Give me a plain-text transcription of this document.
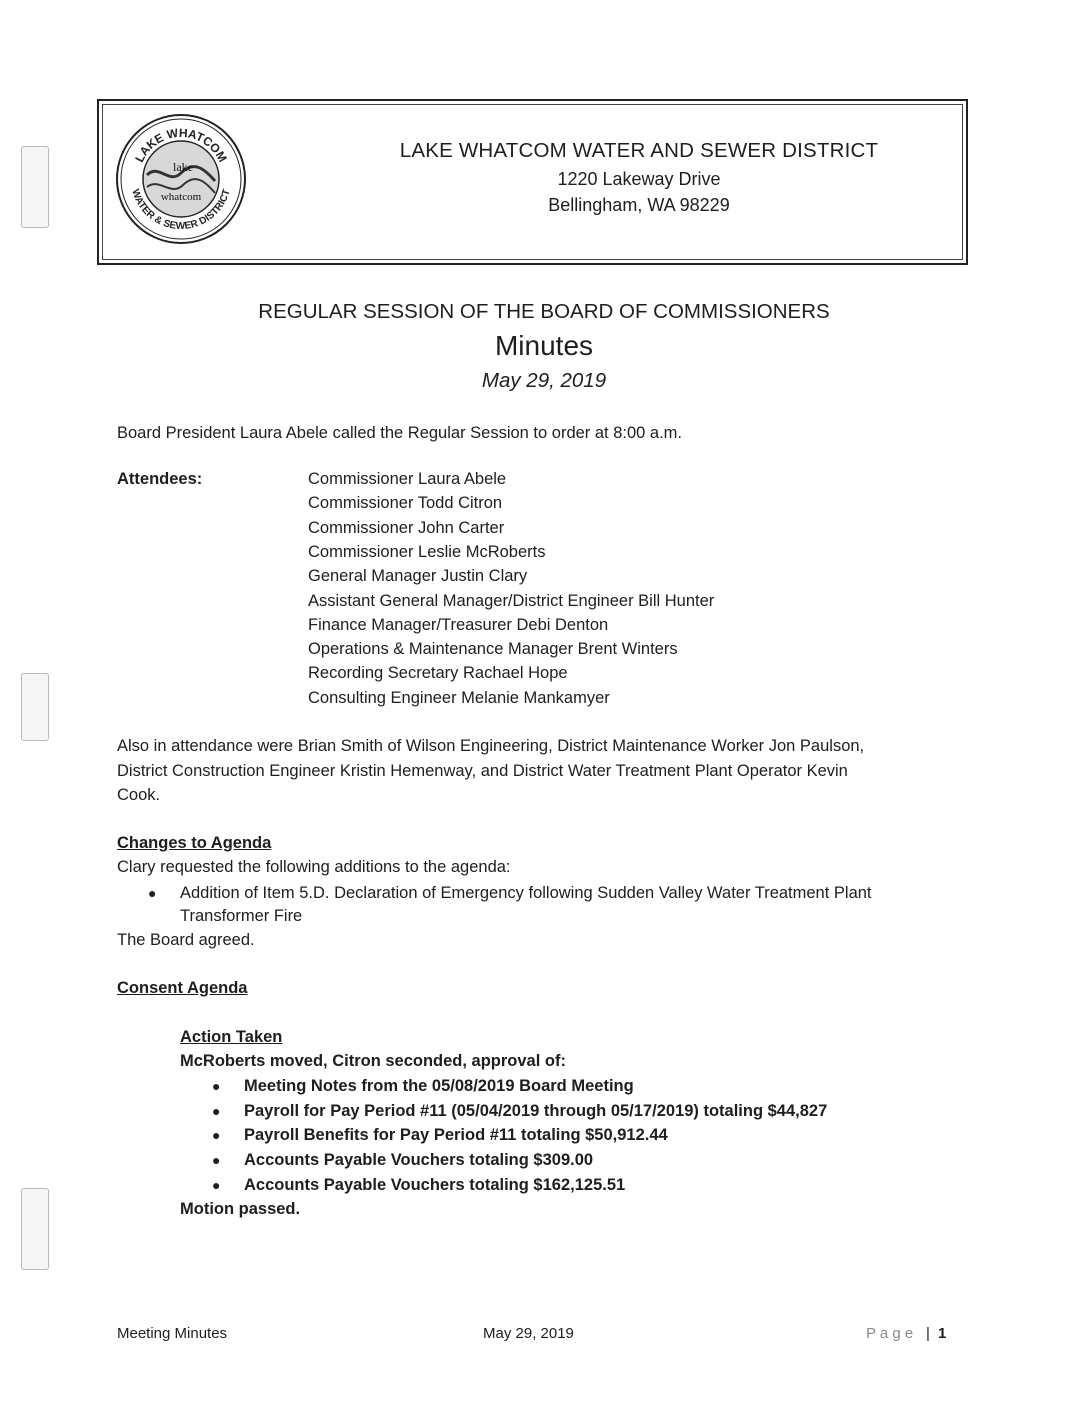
LAKE WHATCOM
WATER & SEWER DISTRICT
lake
whatcom
LAKE WHATCOM WATER AND SEWER DISTRICT
1220 Lakeway Drive
Bellingham, WA 98229
REGULAR SESSION OF THE BOARD OF COMMISSIONERS
Minutes
May 29, 2019
Board President Laura Abele called the Regular Session to order at 8:00 a.m.
Attendees:	Commissioner Laura Abele
Commissioner Todd Citron
Commissioner John Carter
Commissioner Leslie McRoberts
General Manager Justin Clary
Assistant General Manager/District Engineer Bill Hunter
Finance Manager/Treasurer Debi Denton
Operations & Maintenance Manager Brent Winters
Recording Secretary Rachael Hope
Consulting Engineer Melanie Mankamyer
Also in attendance were Brian Smith of Wilson Engineering, District Maintenance Worker Jon Paulson,
District Construction Engineer Kristin Hemenway, and District Water Treatment Plant Operator Kevin
Cook.
Changes to Agenda
Clary requested the following additions to the agenda:
● Addition of Item 5.D. Declaration of Emergency following Sudden Valley Water Treatment Plant
Transformer Fire
The Board agreed.
Consent Agenda
Action Taken
McRoberts moved, Citron seconded, approval of:
● Meeting Notes from the 05/08/2019 Board Meeting
● Payroll for Pay Period #11 (05/04/2019 through 05/17/2019) totaling $44,827
● Payroll Benefits for Pay Period #11 totaling $50,912.44
● Accounts Payable Vouchers totaling $309.00
● Accounts Payable Vouchers totaling $162,125.51
Motion passed.
Meeting Minutes	May 29, 2019	P a g e | 1
